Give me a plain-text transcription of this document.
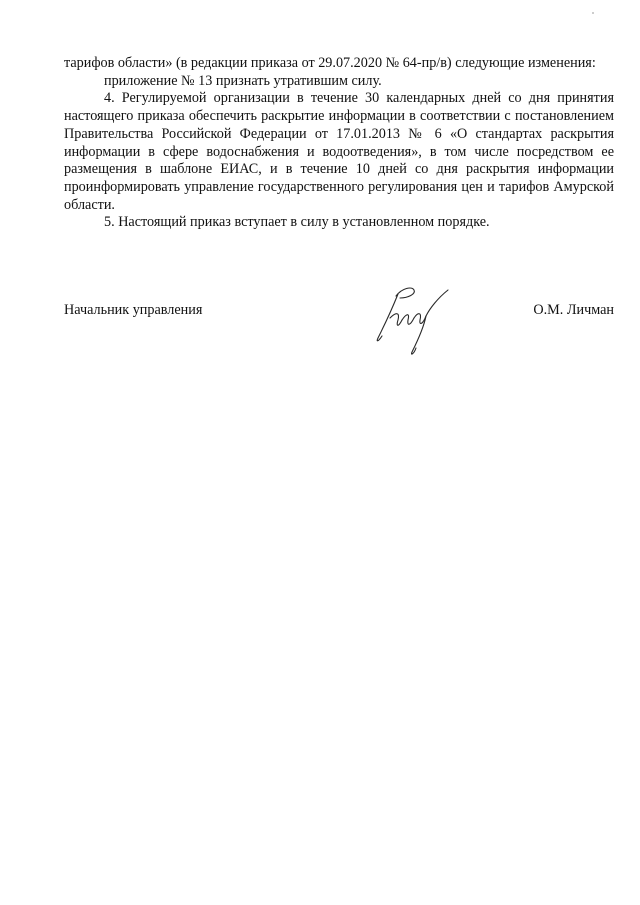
тарифов области» (в редакции приказа от 29.07.2020 № 64-пр/в) следующие изменения:

приложение № 13 признать утратившим силу.

4. Регулируемой организации в течение 30 календарных дней со дня принятия настоящего приказа обеспечить раскрытие информации в соответствии с постановлением Правительства Российской Федерации от 17.01.2013 № 6 «О стандартах раскрытия информации в сфере водоснабжения и водоотведения», в том числе посредством ее размещения в шаблоне ЕИАС, и в течение 10 дней со дня раскрытия информации проинформировать управление государственного регулирования цен и тарифов Амурской области.

5. Настоящий приказ вступает в силу в установленном порядке.

Начальник управления	О.М. Личман
